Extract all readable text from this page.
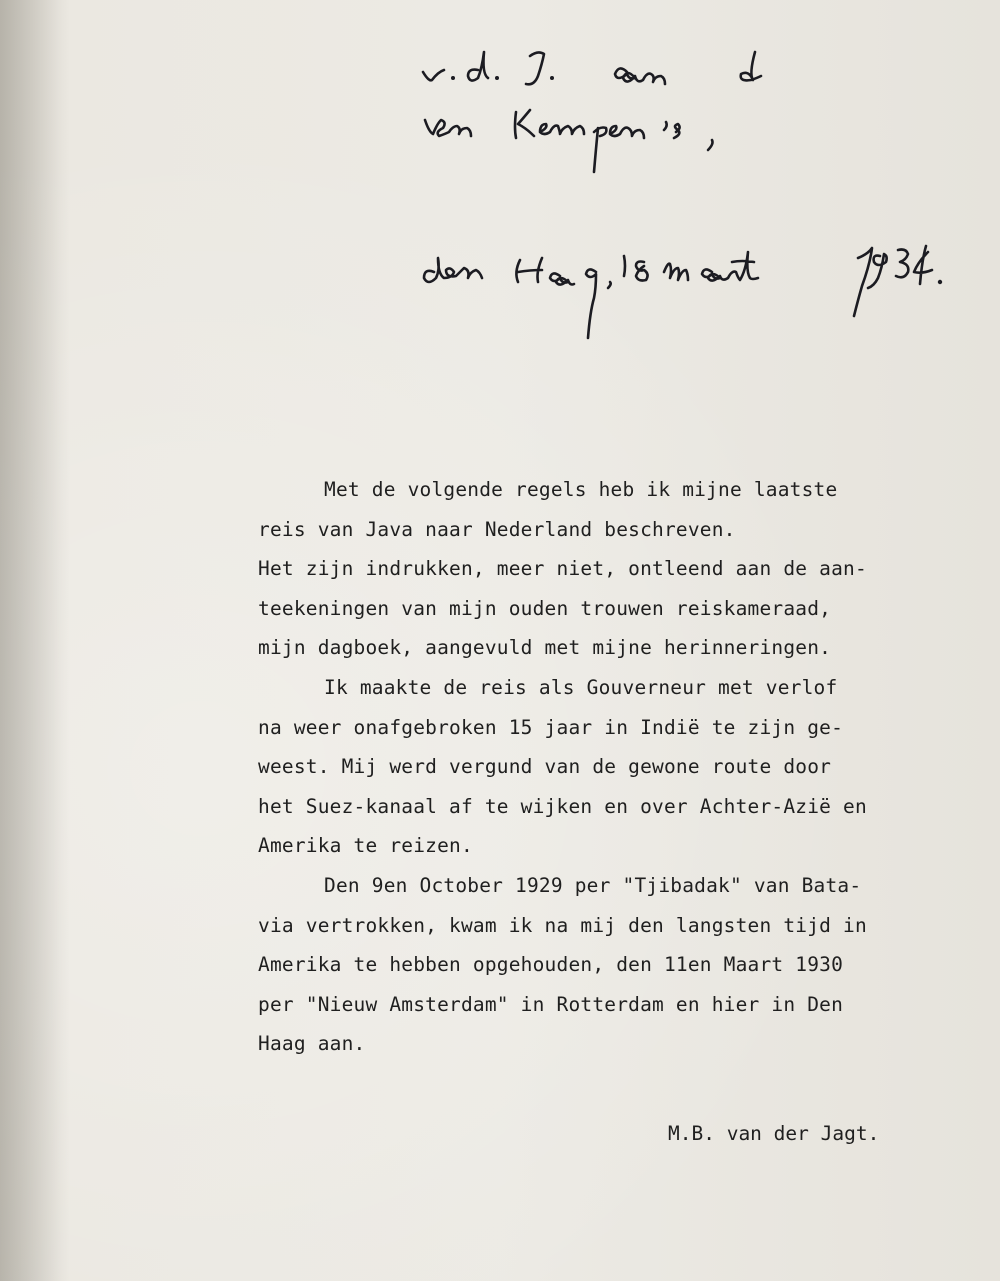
Met de volgende regels heb ik mijne laatste

reis van Java naar Nederland beschreven.

Het zijn indrukken, meer niet, ontleend aan de aan-

teekeningen van mijn ouden trouwen reiskameraad,

mijn dagboek, aangevuld met mijne herinneringen.

Ik maakte de reis als Gouverneur met verlof

na weer onafgebroken 15 jaar in Indië te zijn ge-

weest. Mij werd vergund van de gewone route door

het Suez-kanaal af te wijken en over Achter-Azië en

Amerika te reizen.

Den 9en October 1929 per "Tjibadak" van Bata-

via vertrokken, kwam ik na mij den langsten tijd in

Amerika te hebben opgehouden, den 11en Maart 1930

per "Nieuw Amsterdam" in Rotterdam en hier in Den

Haag aan.

M.B. van der Jagt.
